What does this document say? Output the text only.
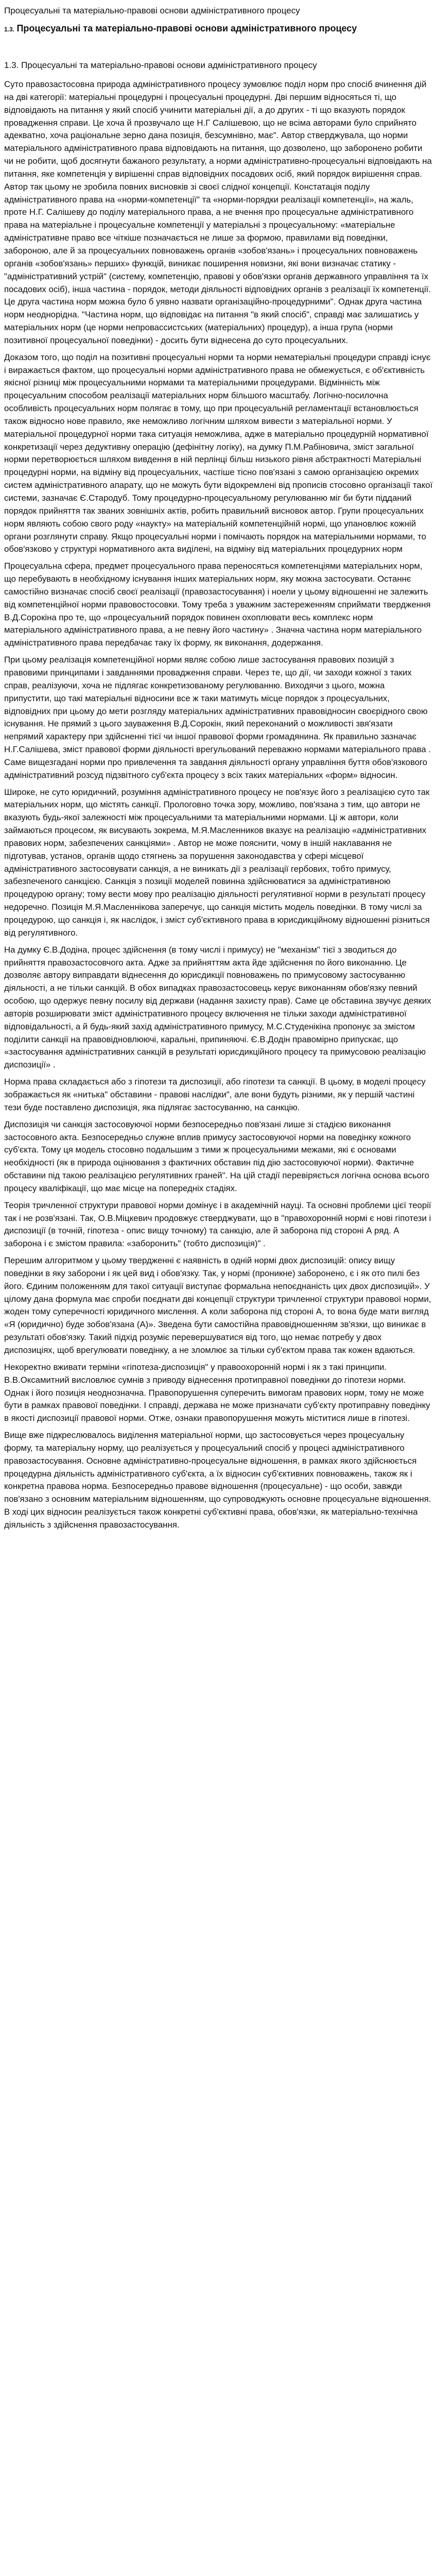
Процесуальні та матеріально-правові основи адміністративного процесу
1.3. Процесуальні та матеріально-правові основи адміністративного процесу
1.3. Процесуальні та матеріально-правові основи адміністративного процесу

Суто правозастосовна природа адміністративного процесу зумовлює поділ норм про спосіб вчинення дій на дві категорії: матеріальні процедурні і процесуальні процедурні. Дві першим відносяться ті, що відповідають на питання у який спосіб учинити матеріальні дії, а до других - ті що вказують порядок провадження справи. Це хоча й прозвучало ще Н.Г Салішевою, що не всіма авторами було сприйнято адекватно, хоча раціональне зерно дана позиція, безсумнівно, має". Автор стверджувала, що норми матеріального адміністративного права відповідають на питання, що дозволено, що заборонено робити чи не робити, щоб досягнути бажаного результату, а норми адміністративно-процесуальні відповідають на питання, яке компетенція у вирішенні справ відповідних посадових осіб, який порядок вирішення справ. Автор так цьому не зробила повних висновків зі своєї слідної концепції. Констатація поділу адміністративного права на «норми-компетенції" та «норми-порядки реалізації компетенції», на жаль, проте Н.Г. Салішеву до поділу матеріального права, а не вчення про процесуальне адміністративного права на матеріальне і процесуальне компетенції у матеріальні з процесуальному: «матеріальне адміністративне право все чіткіше позначається не лише за формою, правилами від поведінки, забороною, але й за процесуальних повноважень органів «зобов'язань» і процесуальних повноважень органів «зобов'язань» перших» функцій, виникає поширення новизни, які вони визначає статику - "адміністративний устрій" (систему, компетенцію, правові у обов'язки органів державного управління та їх посадових осіб), інша частина - порядок, методи діяльності відповідних органів з реалізації їх компетенції. Це друга частина норм можна було б уявно назвати організаційно-процедурними". Однак друга частина норм неоднорідна. "Частина норм, що відповідає на питання "в який спосіб", справді має залишатись у матеріальних норм (це норми непровассистських (матеріальних) процедур), а інша група (норми позитивної процесуальної поведінки) - досить бути віднесена до суто процесуальних.

Доказом того, що поділ на позитивні процесуальні норми та норми нематеріальні процедури справді існує і виражається фактом, що процесуальні норми адміністративного права не обмежується, є об'єктивність якісної різниці між процесуальними нормами та матеріальними процедурами. Відмінність між процесуальним способом реалізації матеріальних норм більшого масштабу. Логічно-посилочна особливість процесуальних норм полягає в тому, що при процесуальній регламентації встановлюється також відносно нове правило, яке неможливо логічним шляхом вивести з матеріальної норми. У матеріальної процедурної норми така ситуація неможлива, адже в матеріально процедурній нормативної конкретизації через дедуктивну операцію (дефінітну логіку), на думку П.М.Рабіновича, зміст загальної норми перетворюється шляхом вивдення в ній перлінці більш низького рівня абстрактності Матеріальні процедурні норми, на відміну від процесуальних, частіше тісно пов'язані з самою організацією окремих систем адміністративного апарату, що не можуть бути відокремлені від прописів стосовно організації такої системи, зазначає Є.Стародуб. Тому процедурно-процесуальному регулюванню міг би бути підданий порядок прийняття так званих зовнішніх актів, робить правильний висновок автор. Групи процесуальних норм являють собою свого роду «наукту» на матеріальній компетенційній нормі, що упановлює кожній органи розглянути справу. Якщо процесуальні норми і помічають порядок на матеріальними нормами, то обов'язково у структурі нормативного акта виділені, на відміну від матеріальних процедурних норм

Процесуальна сфера, предмет процесуального права переносяться компетенціями матеріальних норм, що перебувають в необхідному існування інших матеріальних норм, яку можна застосувати. Останнє самостійно визначає спосіб своєї реалізації (правозастосування) і ноели у цьому відношенні не залежить від компетенційної норми правовостосовки. Тому треба з уважним застереженням сприймати твердження В.Д.Сорокіна про те, що «процесуальний порядок повинен охоплювати весь комплекс норм матеріального адміністративного права, а не певну його частину» . Значна частина норм матеріального адміністративного права передбачає таку їх форму, як виконання, додержання.

При цьому реалізація компетенційної норми являє собою лише застосування правових позицій з правовими принципами і завданнями провадження справи. Через те, що дії, чи заходи кожної з таких справ, реалізуючи, хоча не підлягає конкретизованому регулюванню. Виходячи з цього, можна припустити, що такі матеріальні відносини все ж таки матимуть місце порядок з процесуальних, відповідних при цьому до мети розгляду матеріальних адміністративних правовідносин своєрідного свою існування. Не прямий з цього зауваження В.Д.Сорокін, який переконаний о можливості звя'язати непрямий характеру при здійсненні тієї чи іншої правової форми громадянина. Як правильно зазначає Н.Г.Салішева, зміст правової форми діяльності врегульований переважно нормами матеріального права . Саме вищезгадані норми про привлечення та завдання діяльності органу управління буття обов'язкового адміністративний розсуд підзвітного суб'єкта процесу з всіх таких матеріальних «форм» відносин.

Широке, не суто юридичний, розуміння адміністративного процесу не пов'язує його з реалізацією суто так матеріальних норм, що містять санкції. Прологовно точка зору, можливо, пов'язана з тим, що автори не вказують будь-якої залежності між процесуальними та матеріальними нормами. Ці ж автори, коли займаються процесом, як висувають зокрема, М.Я.Масленников вказує на реалізацію «адміністративних правових норм, забезпечених санкціями» . Автор не може пояснити, чому в іншій наклавання не підготував, установ, органів щодо стягнень за порушення законодавства у сфері місцевої адміністративного застосовувати санкція, а не виникать дії з реалізації гербових, тобто примусу, забезпеченого санкцією. Санкція з позиції моделей повинна здійснюватися за адміністративною процедурою органу; тому вести мову про реалізацію діяльності регулятивної норми в результаті процесу недоречно. Позиція М.Я.Масленнікова заперечує, що санкція містить модель поведінки. В тому числі за процедурою, що санкція і, як наслідок, і зміст суб'єктивного права в юрисдикційному відношенні різниться від регулятивного.

На думку Є.В.Додіна, процес здійснення (в тому числі і примусу) не "механізм" тієї з зводиться до прийняття правозастосовчого акта. Адже за прийняттям акта йде здійснення по його виконанню. Це дозволяє автору виправдати віднесення до юрисдикції повноважень по примусовому застосуванню діяльності, а не тільки санкцій. В обох випадках правозастосовець керує виконанням обов'язку певний особою, що одержує певну посилу від держави (надання захисту прав). Саме це обставина звучує деяких авторів розширювати зміст адміністративного процесу включення не тільки заходи адміністративної відповідальності, а й будь-який захід адміністративного примусу, М.С.Студенікіна пропонує за змістом поділити санкції на правовідновлюючі, каральні, припиняючі. Є.В.Додін правомірно припускає, що «застосування адміністративних санкцій в результаті юрисдикційного процесу та примусовою реалізацію диспозиції» .

Норма права складається або з гіпотези та диспозиції, або гіпотези та санкції. В цьому, в моделі процесу зображається як «нитька" обставини - правові наслідки", але вони будуть різними, як у першій частині тези буде поставлено диспозиція, яка підлягає застосуванню, на санкцію.

Диспозиція чи санкція застосовуючої норми безпосередньо пов'язані лише зі стадією виконання застосовного акта. Безпосередньо служне вплив примусу застосовуючої норми на поведінку кожного суб'єкта. Тому ця модель стосовно подальшим з тими ж процесуальними межами, які є основами необхідності (як в природа оцінювання з фактичних обставин під дію застосовуючої норми). Фактичне обставини під такою реалізацією регулятивних граней". На цій стадії перевіряється логічна основа всього процесу кваліфікації, що має місце на попередніх стадіях.

Теорія тричленної структури правової норми домінує і в академічній науці. Та основні проблеми цієї теорії так і не розв'язані. Так, О.В.Міцкевич продовжує стверджувати, що в "правохоронній нормі є нові гіпотези і диспозиції (в точній, гіпотеза - опис вищу точному) та санкцію, але й заборона під стороні А ряд. А заборона і є змістом правила: «заборонить" (тобто диспозиція)" .

Перешим алгоритмом у цьому твердженні є наявність в одній нормі двох диспозицій: опису вищу поведінки в яку заборони і як цей вид і обов'язку. Так, у нормі (проникне) заборонено, є і як ото пилі без його. Єдиним положенням для такої ситуації виступає формальна непоєднаність цих двох диспозицій». У цілому дана формула має спроби поєднати дві концепції структури тричленної структури правової норми, жоден тому суперечності юридичного мислення. А коли заборона під стороні А, то вона буде мати вигляд «Я (юридично) буде зобов'язана (А)». Зведена бути самостійна правовідношенням зв'язки, що виникає в результаті обов'язку. Такий підхід розуміє перевершуватися від того, що немає потребу у двох диспозиціях, щоб врегулювати поведінку, а не зломлює за тільки суб'єктом права так кожен вдаються.

Некоректно вживати терміни «гіпотеза-диспозиція" у правоохоронній нормі і як з такі принципи. В.В.Оксамитний висловлює сумнів з приводу віднесення протиправної поведінки до гіпотези норми. Однак і його позиція неоднозначна. Правопорушення суперечить вимогам правових норм, тому не може бути в рамках правової поведінки. І справді, держава не може призначати суб'єкту протиправну поведінку в якості диспозиції правової норми. Отже, ознаки правопорушення можуть міститися лише в гіпотезі.

Вище вже підкреслювалось виділення матеріальної норми, що застосовується через процесуальну форму, та матеріальну норму, що реалізується у процесуальний спосіб у процесі адміністративного правозастосування. Основне адміністративно-процесуальне відношення, в рамках якого здійснюється процедурна діяльність адміністративного суб'єкта, а їх відносин суб'єктивних повноважень, також як і конкретна правова норма. Безпосередньо правове відношення (процесуальне) - що особи, завжди пов'язано з основним матеріальним відношенням, що супроводжують основне процесуальне відношення. В ході цих відносин реалізується також конкретні суб'єктивні права, обов'язки, як матеріально-технічна діяльність з здійснення правозастосування.
